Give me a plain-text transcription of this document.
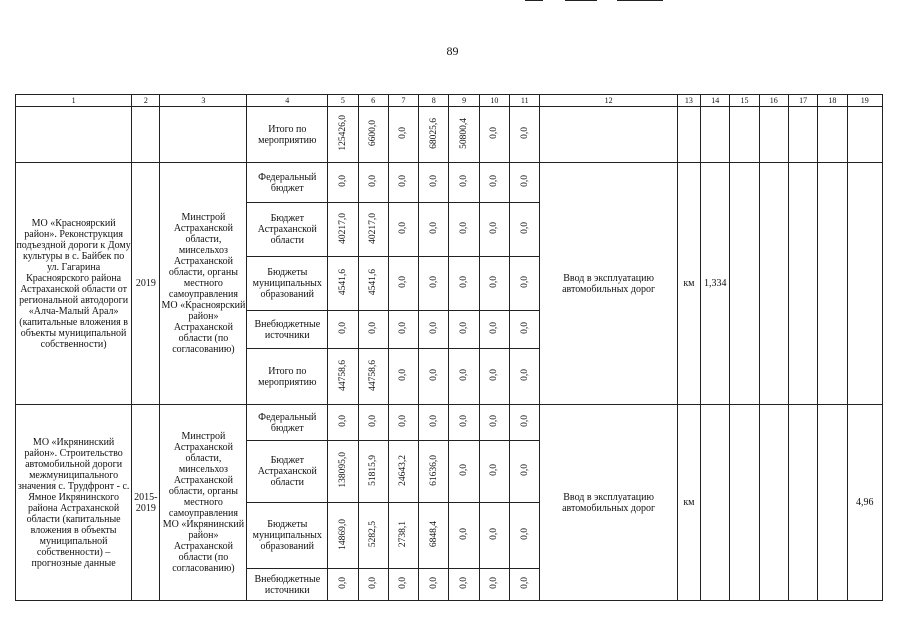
89
1	2	3	4	5	6	7	8	9	10	11	12	13	14	15	16	17	18	19
			Итого по мероприятию	125426,0	6600,0	0,0	68025,6	50800,4	0,0	0,0								
МО «Красноярский район». Реконструкция подъездной дороги к Дому культуры в с. Байбек по ул. Гагарина Красноярского района Астраханской области от региональной автодороги «Алча-Малый Арал» (капитальные вложения в объекты муниципальной собственности)	2019	Минстрой Астраханской области, минсельхоз Астраханской области, органы местного самоуправления МО «Красноярский район» Астраханской области (по согласованию)	Федеральный бюджет	0,0	0,0	0,0	0,0	0,0	0,0	0,0	Ввод в эксплуатацию автомобильных дорог	км	1,334					
			Бюджет Астраханской области	40217,0	40217,0	0,0	0,0	0,0	0,0	0,0								
			Бюджеты муниципальных образований	4541,6	4541,6	0,0	0,0	0,0	0,0	0,0								
			Внебюджетные источники	0,0	0,0	0,0	0,0	0,0	0,0	0,0								
			Итого по мероприятию	44758,6	44758,6	0,0	0,0	0,0	0,0	0,0								
МО «Икрянинский район». Строительство автомобильной дороги межмуниципального значения с. Трудфронт - с. Ямное Икрянинского района Астраханской области (капитальные вложения в объекты муниципальной собственности) – прогнозные данные	2015-2019	Минстрой Астраханской области, минсельхоз Астраханской области, органы местного самоуправления МО «Икрянинский район» Астраханской области (по согласованию)	Федеральный бюджет	0,0	0,0	0,0	0,0	0,0	0,0	0,0	Ввод в эксплуатацию автомобильных дорог	км						4,96
			Бюджет Астраханской области	138095,0	51815,9	24643,2	61636,0	0,0	0,0	0,0								
			Бюджеты муниципальных образований	14869,0	5282,5	2738,1	6848,4	0,0	0,0	0,0								
			Внебюджетные источники	0,0	0,0	0,0	0,0	0,0	0,0	0,0								
